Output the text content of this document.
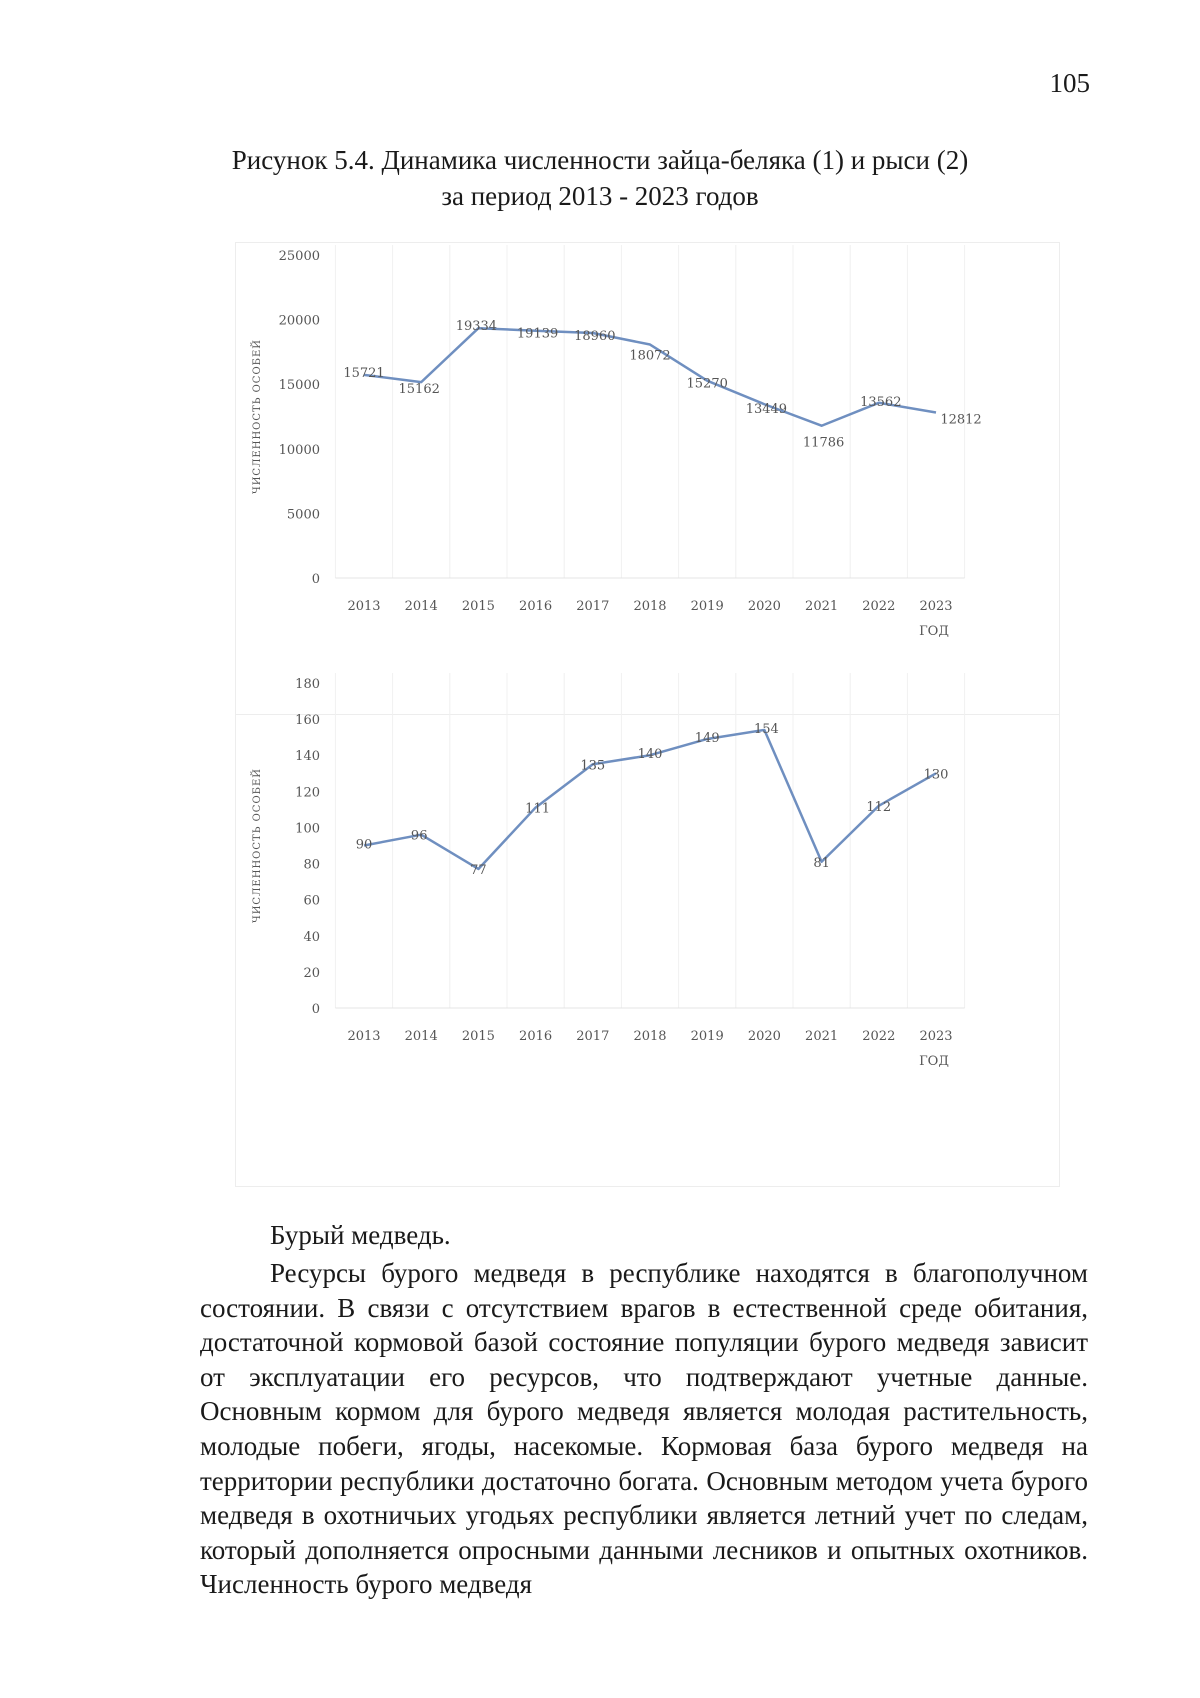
105
Рисунок 5.4. Динамика численности зайца-беляка (1) и рыси (2)
за период 2013 - 2023 годов
0
5000
10000
15000
20000
25000
2013 2014 2015 2016 2017 2018 2019 2020 2021 2022 2023
ГОД
ЧИСЛЕННОСТЬ ОСОБЕЙ	15721
15162
19334
19139 18960
18072
15270
13449
11786
13562
12812
0
20
40
60
80
100
120
140
160
180
2013 2014 2015 2016 2017 2018 2019 2020 2021 2022 2023
ГОД
ЧИСЛЕННОСТЬ ОСОБЕЙ	90
96
77
111
135
140
149
154
81
112
130
Бурый медведь.
Ресурсы бурого медведя в республике находятся в благополучном состоянии. В связи с отсутствием врагов в естественной среде обитания, достаточной кормовой базой состояние популяции бурого медведя зависит от эксплуатации его ресурсов, что подтверждают учетные данные. Основным кормом для бурого медведя является молодая растительность, молодые побеги, ягоды, насекомые. Кормовая база бурого медведя на территории республики достаточно богата. Основным методом учета бурого медведя в охотничьих угодьях республики является летний учет по следам, который дополняется опросными данными лесников и опытных охотников. Численность бурого медведя
